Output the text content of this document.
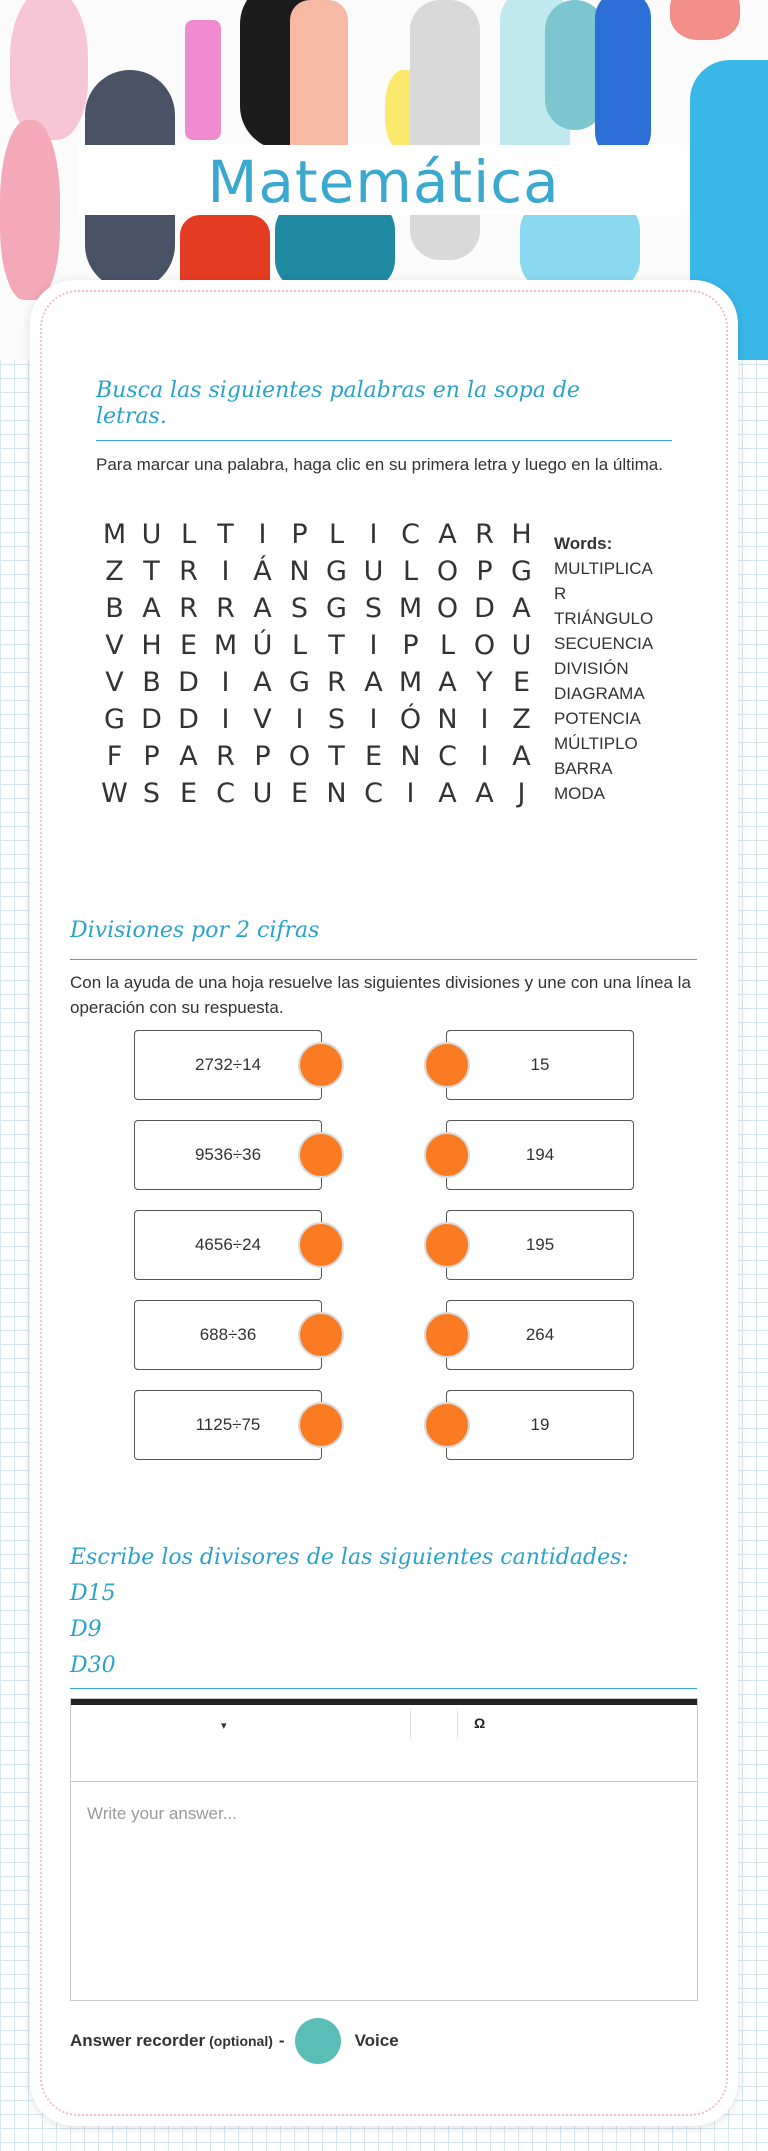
Matemática
Busca las siguientes palabras en la sopa de letras.

Para marcar una palabra, haga clic en su primera letra y luego en la última.

M U L T I P L I C A R H
Z T R I Á N G U L O P G
B A R R A S G S M O D A
V H E M Ú L T I P L O U
V B D I A G R A M A Y E
G D D I V I S I Ó N I Z
F P A R P O T E N C I A
W S E C U E N C I A A J
Words:
MULTIPLICAR
TRIÁNGULO
SECUENCIA
DIVISIÓN
DIAGRAMA
POTENCIA
MÚLTIPLO
BARRA
MODA
Divisiones por 2 cifras

Con la ayuda de una hoja resuelve las siguientes divisiones y une con una línea la operación con su respuesta.

2732÷14
9536÷36
4656÷24
688÷36
1125÷75
15
194
195
264
19
Escribe los divisores de las siguientes cantidades:
D15
D9
D30
▾	Ω
Write your answer...
Answer recorder (optional) -	Voice
